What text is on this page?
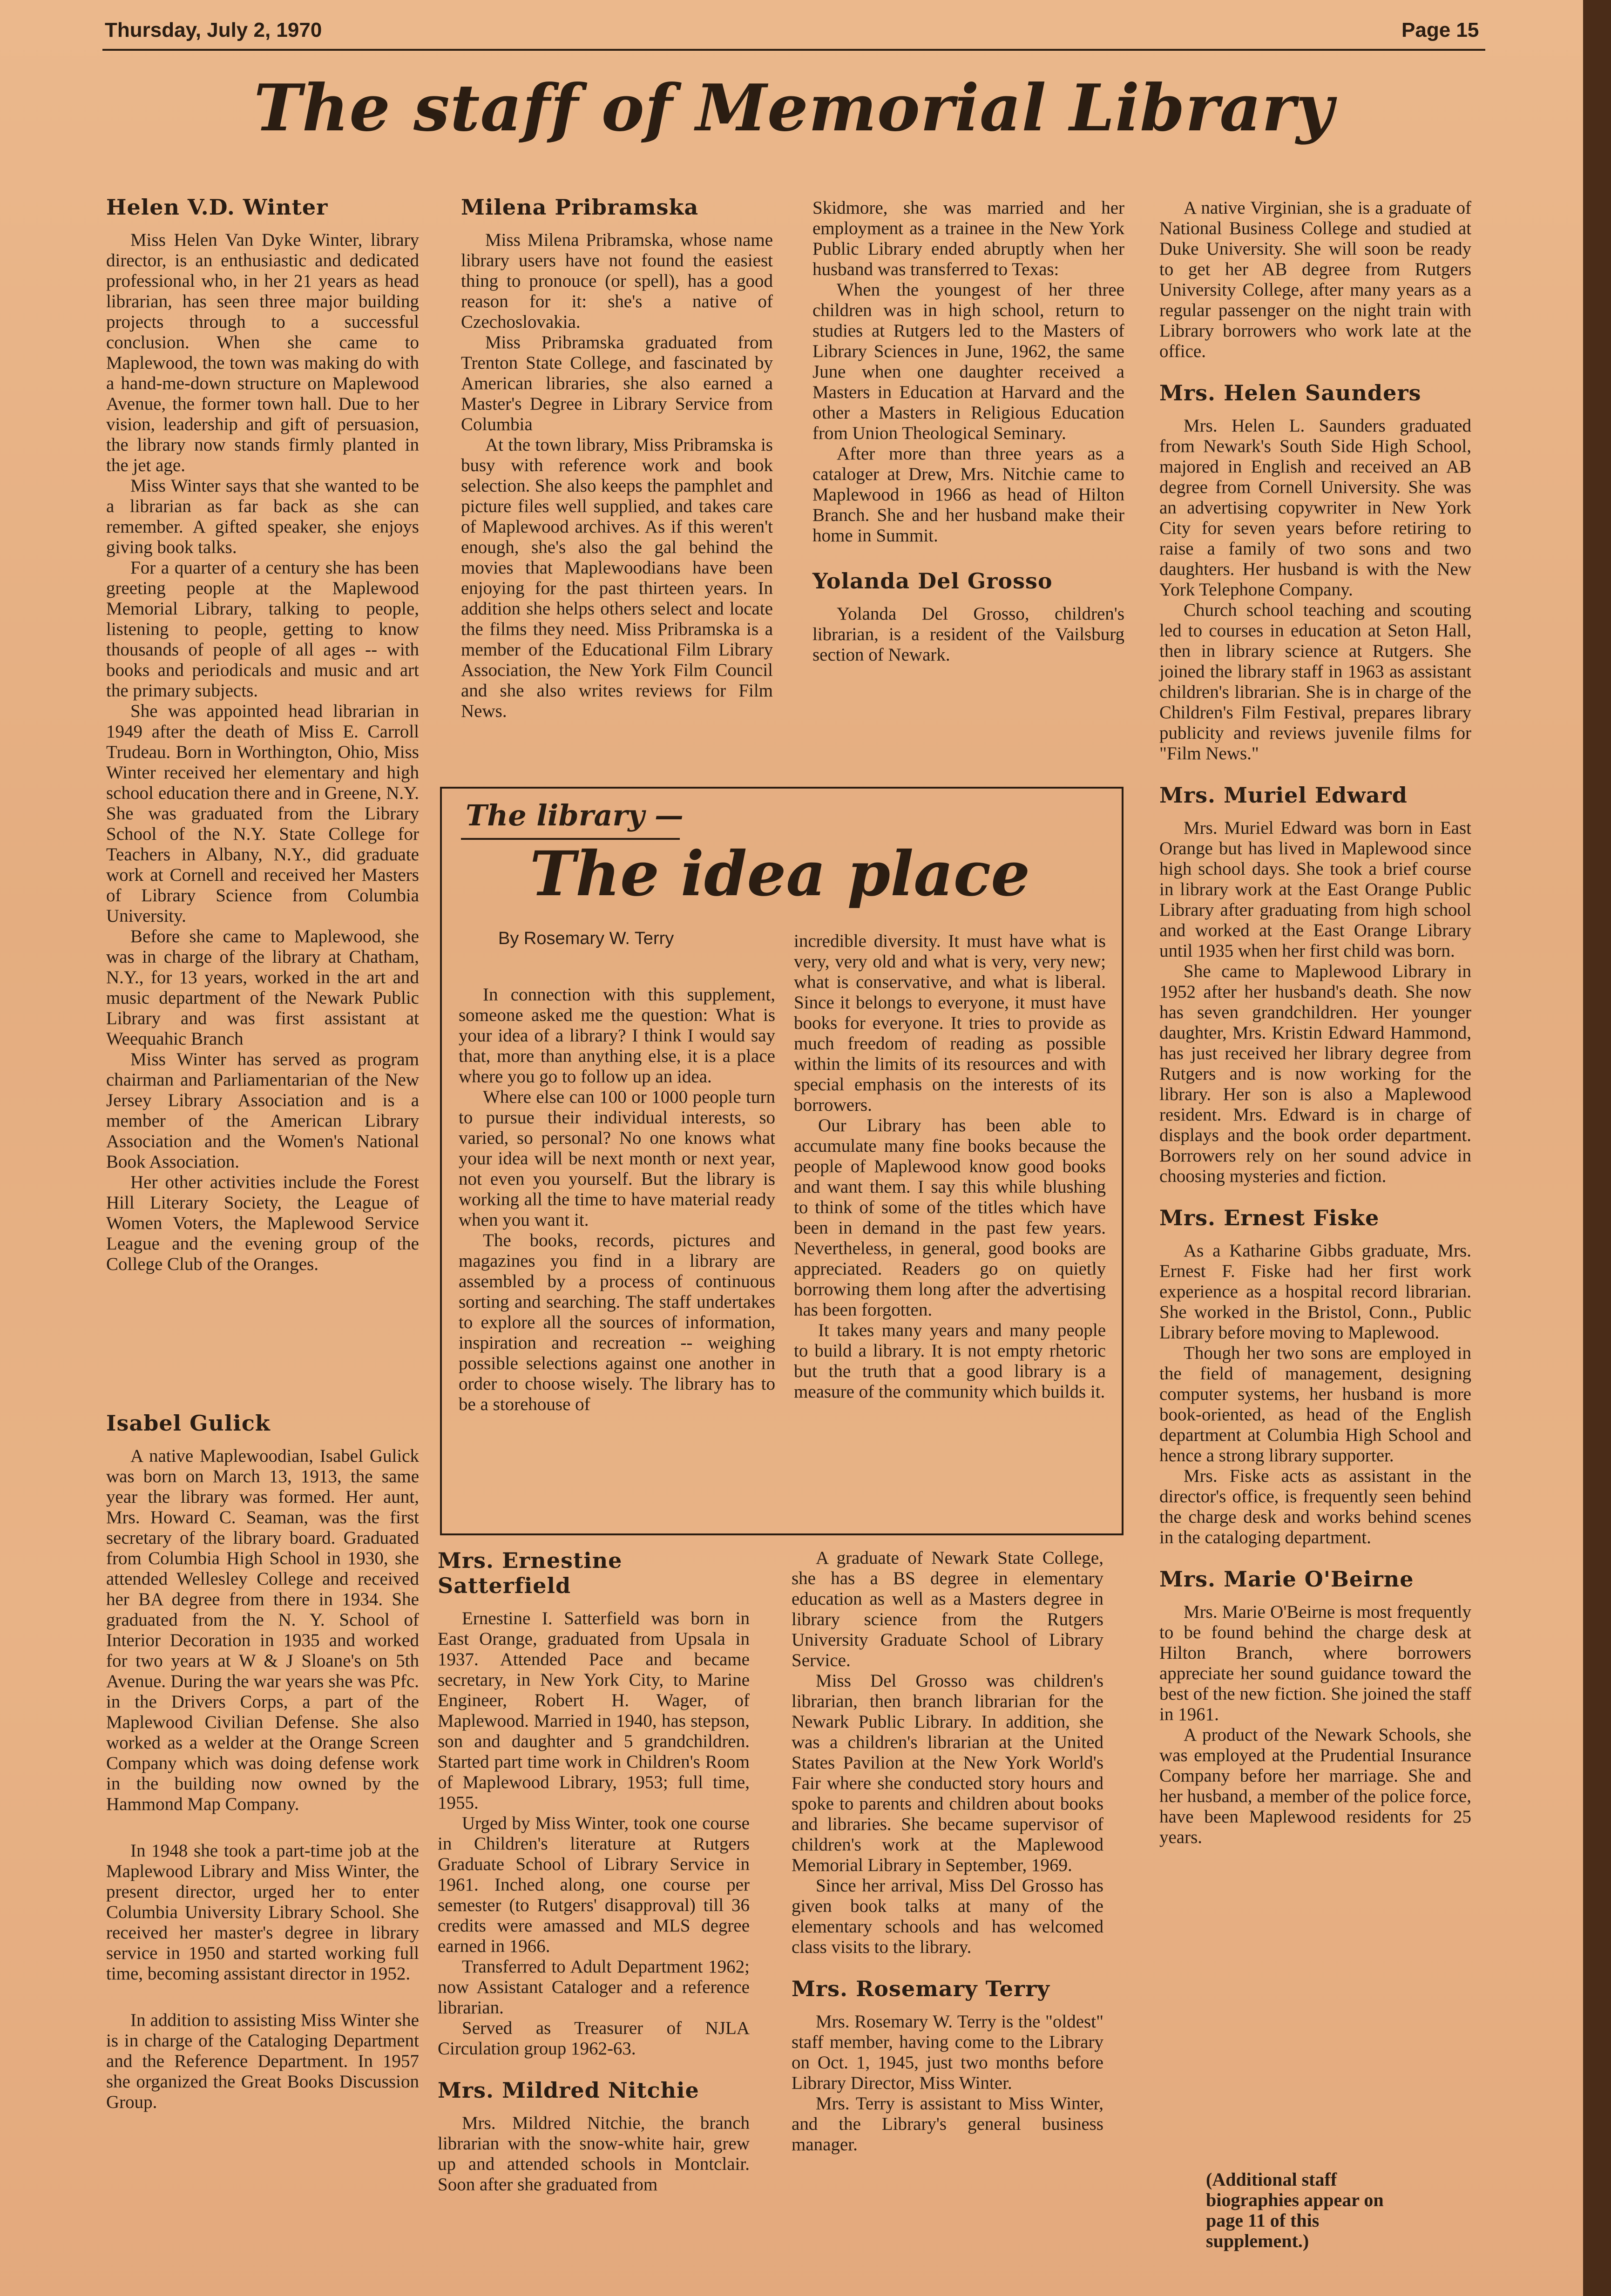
Thursday, July 2, 1970	Page 15
The staff of Memorial Library
Helen V.D. Winter

Miss Helen Van Dyke Winter, library director, is an enthusiastic and dedicated professional who, in her 21 years as head librarian, has seen three major building projects through to a successful conclusion. When she came to Maplewood, the town was making do with a hand-me-down structure on Maplewood Avenue, the former town hall. Due to her vision, leadership and gift of persuasion, the library now stands firmly planted in the jet age.

Miss Winter says that she wanted to be a librarian as far back as she can remember. A gifted speaker, she enjoys giving book talks.

For a quarter of a century she has been greeting people at the Maplewood Memorial Library, talking to people, listening to people, getting to know thousands of people of all ages -- with books and periodicals and music and art the primary subjects.

She was appointed head librarian in 1949 after the death of Miss E. Carroll Trudeau. Born in Worthington, Ohio, Miss Winter received her elementary and high school education there and in Greene, N.Y. She was graduated from the Library School of the N.Y. State College for Teachers in Albany, N.Y., did graduate work at Cornell and received her Masters of Library Science from Columbia University.

Before she came to Maplewood, she was in charge of the library at Chatham, N.Y., for 13 years, worked in the art and music department of the Newark Public Library and was first assistant at Weequahic Branch

Miss Winter has served as program chairman and Parliamentarian of the New Jersey Library Association and is a member of the American Library Association and the Women's National Book Association.

Her other activities include the Forest Hill Literary Society, the League of Women Voters, the Maplewood Service League and the evening group of the College Club of the Oranges.

Isabel Gulick

A native Maplewoodian, Isabel Gulick was born on March 13, 1913, the same year the library was formed. Her aunt, Mrs. Howard C. Seaman, was the first secretary of the library board. Graduated from Columbia High School in 1930, she attended Wellesley College and received her BA degree from there in 1934. She graduated from the N. Y. School of Interior Decoration in 1935 and worked for two years at W & J Sloane's on 5th Avenue. During the war years she was Pfc. in the Drivers Corps, a part of the Maplewood Civilian Defense. She also worked as a welder at the Orange Screen Company which was doing defense work in the building now owned by the Hammond Map Company.

In 1948 she took a part-time job at the Maplewood Library and Miss Winter, the present director, urged her to enter Columbia University Library School. She received her master's degree in library service in 1950 and started working full time, becoming assistant director in 1952.

In addition to assisting Miss Winter she is in charge of the Cataloging Department and the Reference Department. In 1957 she organized the Great Books Discussion Group.

Milena Pribramska

Miss Milena Pribramska, whose name library users have not found the easiest thing to pronouce (or spell), has a good reason for it: she's a native of Czechoslovakia.

Miss Pribramska graduated from Trenton State College, and fascinated by American libraries, she also earned a Master's Degree in Library Service from Columbia

At the town library, Miss Pribramska is busy with reference work and book selection. She also keeps the pamphlet and picture files well supplied, and takes care of Maplewood archives. As if this weren't enough, she's also the gal behind the movies that Maplewoodians have been enjoying for the past thirteen years. In addition she helps others select and locate the films they need. Miss Pribramska is a member of the Educational Film Library Association, the New York Film Council and she also writes reviews for Film News.

Skidmore, she was married and her employment as a trainee in the New York Public Library ended abruptly when her husband was transferred to Texas:

When the youngest of her three children was in high school, return to studies at Rutgers led to the Masters of Library Sciences in June, 1962, the same June when one daughter received a Masters in Education at Harvard and the other a Masters in Religious Education from Union Theological Seminary.

After more than three years as a cataloger at Drew, Mrs. Nitchie came to Maplewood in 1966 as head of Hilton Branch. She and her husband make their home in Summit.

Yolanda Del Grosso

Yolanda Del Grosso, children's librarian, is a resident of the Vailsburg section of Newark.

A native Virginian, she is a graduate of National Business College and studied at Duke University. She will soon be ready to get her AB degree from Rutgers University College, after many years as a regular passenger on the night train with Library borrowers who work late at the office.

Mrs. Helen Saunders

Mrs. Helen L. Saunders graduated from Newark's South Side High School, majored in English and received an AB degree from Cornell University. She was an advertising copywriter in New York City for seven years before retiring to raise a family of two sons and two daughters. Her husband is with the New York Telephone Company.

Church school teaching and scouting led to courses in education at Seton Hall, then in library science at Rutgers. She joined the library staff in 1963 as assistant children's librarian. She is in charge of the Children's Film Festival, prepares library publicity and reviews juvenile films for "Film News."

Mrs. Muriel Edward

Mrs. Muriel Edward was born in East Orange but has lived in Maplewood since high school days. She took a brief course in library work at the East Orange Public Library after graduating from high school and worked at the East Orange Library until 1935 when her first child was born.

She came to Maplewood Library in 1952 after her husband's death. She now has seven grandchildren. Her younger daughter, Mrs. Kristin Edward Hammond, has just received her library degree from Rutgers and is now working for the library. Her son is also a Maplewood resident. Mrs. Edward is in charge of displays and the book order department. Borrowers rely on her sound advice in choosing mysteries and fiction.

Mrs. Ernest Fiske

As a Katharine Gibbs graduate, Mrs. Ernest F. Fiske had her first work experience as a hospital record librarian. She worked in the Bristol, Conn., Public Library before moving to Maplewood.

Though her two sons are employed in the field of management, designing computer systems, her husband is more book-oriented, as head of the English department at Columbia High School and hence a strong library supporter.

Mrs. Fiske acts as assistant in the director's office, is frequently seen behind the charge desk and works behind scenes in the cataloging department.

Mrs. Marie O'Beirne

Mrs. Marie O'Beirne is most frequently to be found behind the charge desk at Hilton Branch, where borrowers appreciate her sound guidance toward the best of the new fiction. She joined the staff in 1961.

A product of the Newark Schools, she was employed at the Prudential Insurance Company before her marriage. She and her husband, a member of the police force, have been Maplewood residents for 25 years.

The library —
The idea place
By Rosemary W. Terry

In connection with this supplement, someone asked me the question: What is your idea of a library? I think I would say that, more than anything else, it is a place where you go to follow up an idea.

Where else can 100 or 1000 people turn to pursue their individual interests, so varied, so personal? No one knows what your idea will be next month or next year, not even you yourself. But the library is working all the time to have material ready when you want it.

The books, records, pictures and magazines you find in a library are assembled by a process of continuous sorting and searching. The staff undertakes to explore all the sources of information, inspiration and recreation -- weighing possible selections against one another in order to choose wisely. The library has to be a storehouse of

incredible diversity. It must have what is very, very old and what is very, very new; what is conservative, and what is liberal. Since it belongs to everyone, it must have books for everyone. It tries to provide as much freedom of reading as possible within the limits of its resources and with special emphasis on the interests of its borrowers.

Our Library has been able to accumulate many fine books because the people of Maplewood know good books and want them. I say this while blushing to think of some of the titles which have been in demand in the past few years. Nevertheless, in general, good books are appreciated. Readers go on quietly borrowing them long after the advertising has been forgotten.

It takes many years and many people to build a library. It is not empty rhetoric but the truth that a good library is a measure of the community which builds it.

Mrs. Ernestine Satterfield

Ernestine I. Satterfield was born in East Orange, graduated from Upsala in 1937. Attended Pace and became secretary, in New York City, to Marine Engineer, Robert H. Wager, of Maplewood. Married in 1940, has stepson, son and daughter and 5 grandchildren. Started part time work in Children's Room of Maplewood Library, 1953; full time, 1955.

Urged by Miss Winter, took one course in Children's literature at Rutgers Graduate School of Library Service in 1961. Inched along, one course per semester (to Rutgers' disapproval) till 36 credits were amassed and MLS degree earned in 1966.

Transferred to Adult Department 1962; now Assistant Cataloger and a reference librarian.

Served as Treasurer of NJLA Circulation group 1962-63.

Mrs. Mildred Nitchie

Mrs. Mildred Nitchie, the branch librarian with the snow-white hair, grew up and attended schools in Montclair. Soon after she graduated from

A graduate of Newark State College, she has a BS degree in elementary education as well as a Masters degree in library science from the Rutgers University Graduate School of Library Service.

Miss Del Grosso was children's librarian, then branch librarian for the Newark Public Library. In addition, she was a children's librarian at the United States Pavilion at the New York World's Fair where she conducted story hours and spoke to parents and children about books and libraries. She became supervisor of children's work at the Maplewood Memorial Library in September, 1969.

Since her arrival, Miss Del Grosso has given book talks at many of the elementary schools and has welcomed class visits to the library.

Mrs. Rosemary Terry

Mrs. Rosemary W. Terry is the "oldest" staff member, having come to the Library on Oct. 1, 1945, just two months before Library Director, Miss Winter.

Mrs. Terry is assistant to Miss Winter, and the Library's general business manager.

(Additional staff biographies appear on page 11 of this supplement.)
